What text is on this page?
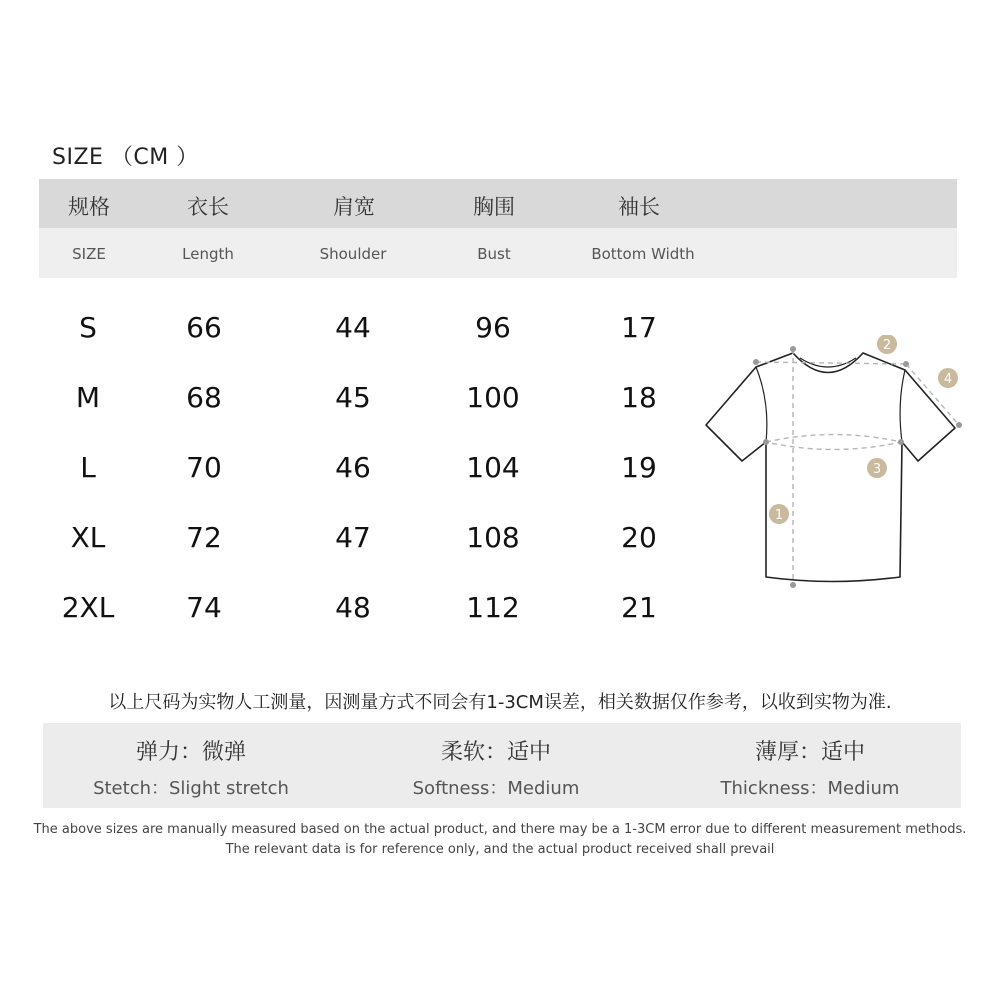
SIZE （CM ）
规格	衣长	肩宽	胸围	袖长
SIZE	Length	Shoulder	Bust	Bottom Width
S	66	44	96	17
M	68	45	100	18
L	70	46	104	19
XL	72	47	108	20
2XL	74	48	112	21
1
2
3
4
以上尺码为实物人工测量，因测量方式不同会有1-3CM误差，相关数据仅作参考，以收到实物为准.
弹力：微弹
Stetch：Slight stretch
柔软：适中
Softness：Medium
薄厚：适中
Thickness：Medium
The above sizes are manually measured based on the actual product, and there may be a 1-3CM error due to different measurement methods.
The relevant data is for reference only, and the actual product received shall prevail
